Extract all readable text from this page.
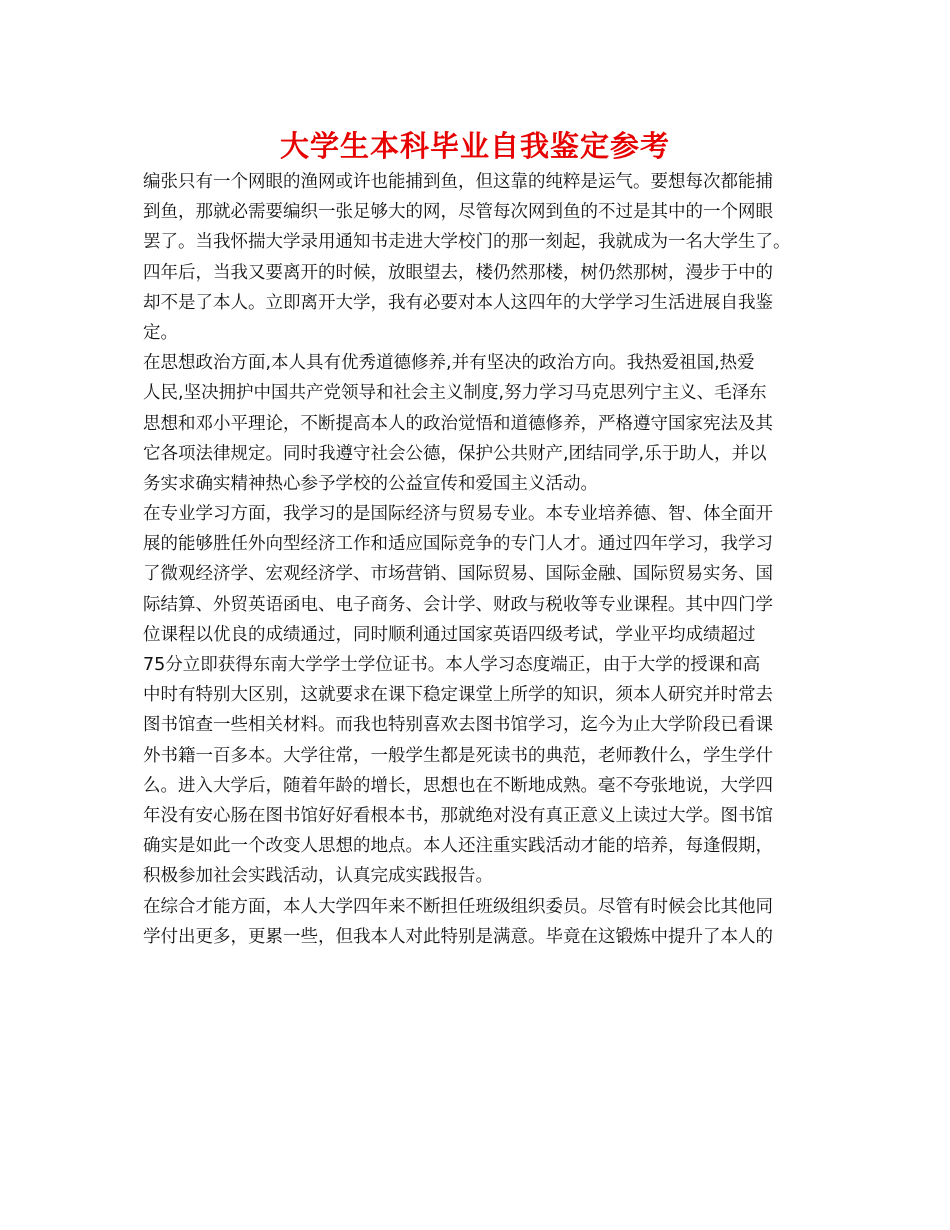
大学生本科毕业自我鉴定参考
编张只有一个网眼的渔网或许也能捕到鱼，但这靠的纯粹是运气。要想每次都能捕
到鱼，那就必需要编织一张足够大的网，尽管每次网到鱼的不过是其中的一个网眼
罢了。当我怀揣大学录用通知书走进大学校门的那一刻起，我就成为一名大学生了。
四年后，当我又要离开的时候，放眼望去，楼仍然那楼，树仍然那树，漫步于中的
却不是了本人。立即离开大学，我有必要对本人这四年的大学学习生活进展自我鉴
定。
在思想政治方面,本人具有优秀道德修养,并有坚决的政治方向。我热爱祖国,热爱
人民,坚决拥护中国共产党领导和社会主义制度,努力学习马克思列宁主义、毛泽东
思想和邓小平理论，不断提高本人的政治觉悟和道德修养，严格遵守国家宪法及其
它各项法律规定。同时我遵守社会公德，保护公共财产,团结同学,乐于助人，并以
务实求确实精神热心参予学校的公益宣传和爱国主义活动。
在专业学习方面，我学习的是国际经济与贸易专业。本专业培养德、智、体全面开
展的能够胜任外向型经济工作和适应国际竞争的专门人才。通过四年学习，我学习
了微观经济学、宏观经济学、市场营销、国际贸易、国际金融、国际贸易实务、国
际结算、外贸英语函电、电子商务、会计学、财政与税收等专业课程。其中四门学
位课程以优良的成绩通过，同时顺利通过国家英语四级考试，学业平均成绩超过
75分立即获得东南大学学士学位证书。本人学习态度端正，由于大学的授课和高
中时有特别大区别，这就要求在课下稳定课堂上所学的知识，须本人研究并时常去
图书馆查一些相关材料。而我也特别喜欢去图书馆学习，迄今为止大学阶段已看课
外书籍一百多本。大学往常，一般学生都是死读书的典范，老师教什么，学生学什
么。进入大学后，随着年龄的增长，思想也在不断地成熟。毫不夸张地说，大学四
年没有安心肠在图书馆好好看根本书，那就绝对没有真正意义上读过大学。图书馆
确实是如此一个改变人思想的地点。本人还注重实践活动才能的培养，每逢假期，
积极参加社会实践活动，认真完成实践报告。
在综合才能方面，本人大学四年来不断担任班级组织委员。尽管有时候会比其他同
学付出更多，更累一些，但我本人对此特别是满意。毕竟在这锻炼中提升了本人的
